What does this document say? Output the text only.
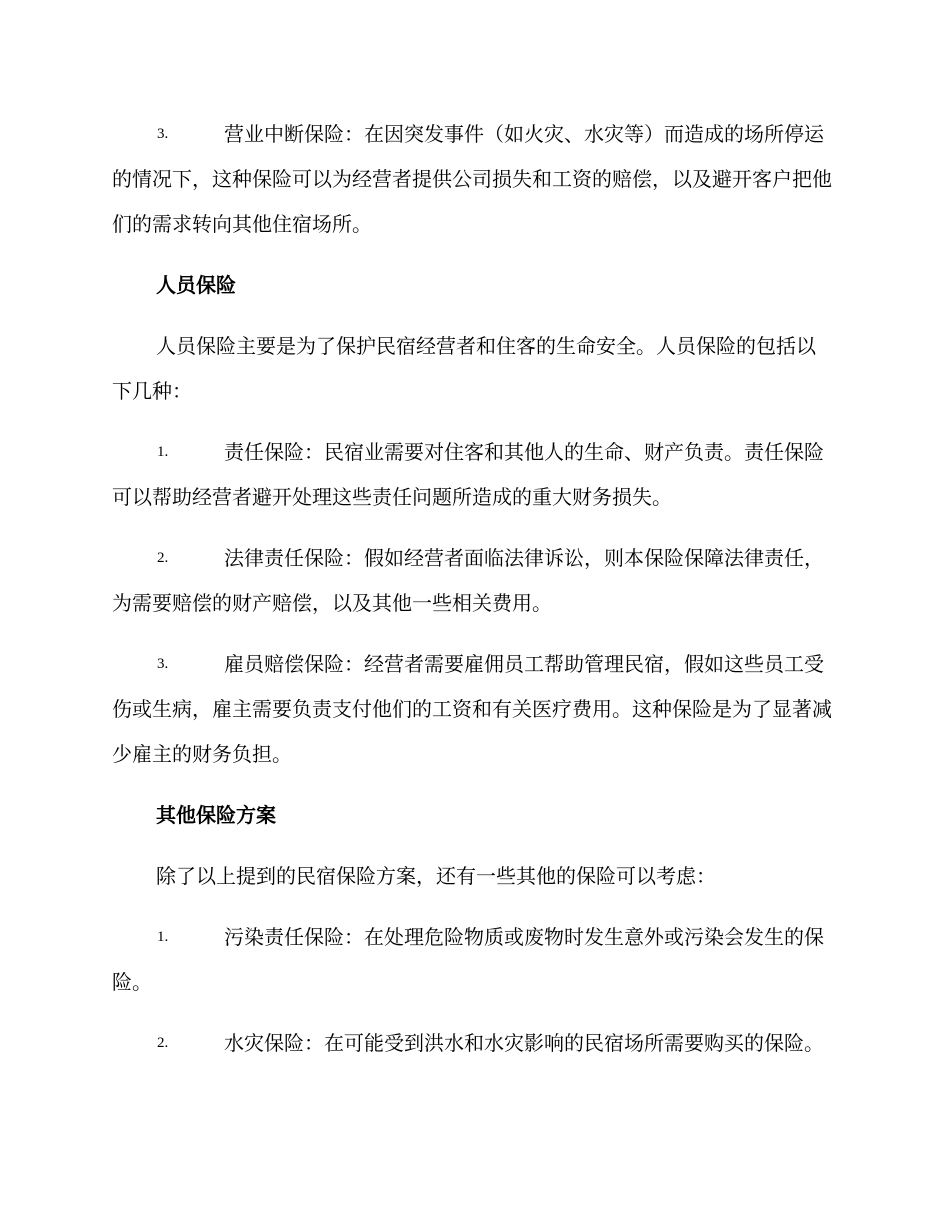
3.	营业中断保险：在因突发事件（如火灾、水灾等）而造成的场所停运的情况下，这种保险可以为经营者提供公司损失和工资的赔偿，以及避开客户把他们的需求转向其他住宿场所。
人员保险
人员保险主要是为了保护民宿经营者和住客的生命安全。人员保险的包括以下几种：
1.	责任保险：民宿业需要对住客和其他人的生命、财产负责。责任保险可以帮助经营者避开处理这些责任问题所造成的重大财务损失。
2.	法律责任保险：假如经营者面临法律诉讼，则本保险保障法律责任，为需要赔偿的财产赔偿，以及其他一些相关费用。
3.	雇员赔偿保险：经营者需要雇佣员工帮助管理民宿，假如这些员工受伤或生病，雇主需要负责支付他们的工资和有关医疗费用。这种保险是为了显著减少雇主的财务负担。
其他保险方案
除了以上提到的民宿保险方案，还有一些其他的保险可以考虑：
1.	污染责任保险：在处理危险物质或废物时发生意外或污染会发生的保险。
2.	水灾保险：在可能受到洪水和水灾影响的民宿场所需要购买的保险。
